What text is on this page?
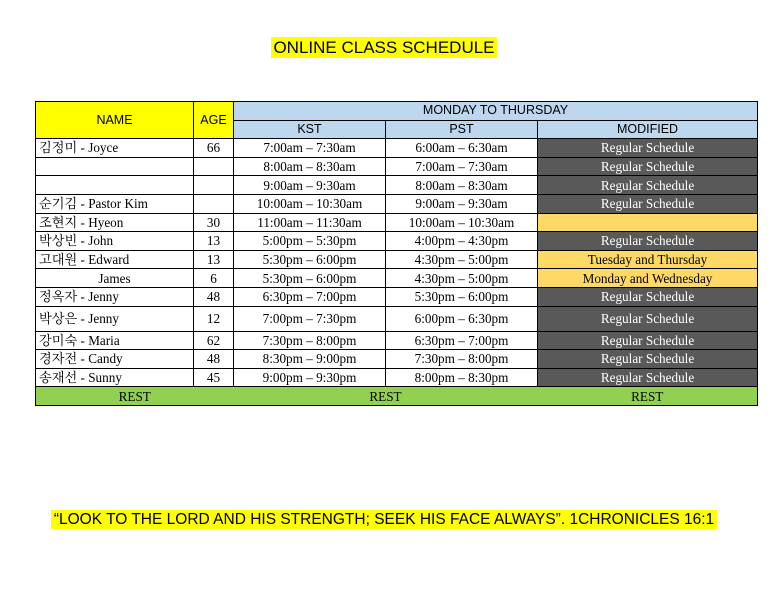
ONLINE CLASS SCHEDULE
NAME	AGE	MONDAY TO THURSDAY		
		KST	PST	MODIFIED
김정미 - Joyce	66	7:00am – 7:30am	6:00am – 6:30am	Regular Schedule
		8:00am – 8:30am	7:00am – 7:30am	Regular Schedule
		9:00am – 9:30am	8:00am – 8:30am	Regular Schedule
순기김 - Pastor Kim		10:00am – 10:30am	9:00am – 9:30am	Regular Schedule
조현지 - Hyeon	30	11:00am – 11:30am	10:00am – 10:30am	
박상빈 - John	13	5:00pm – 5:30pm	4:00pm – 4:30pm	Regular Schedule
고대원 - Edward	13	5:30pm – 6:00pm	4:30pm – 5:00pm	Tuesday and Thursday
James	6	5:30pm – 6:00pm	4:30pm – 5:00pm	Monday and Wednesday
정옥자 - Jenny	48	6:30pm – 7:00pm	5:30pm – 6:00pm	Regular Schedule
박상은 - Jenny	12	7:00pm – 7:30pm	6:00pm – 6:30pm	Regular Schedule
강미숙 - Maria	62	7:30pm – 8:00pm	6:30pm – 7:00pm	Regular Schedule
경자전 - Candy	48	8:30pm – 9:00pm	7:30pm – 8:00pm	Regular Schedule
송재선 - Sunny	45	9:00pm – 9:30pm	8:00pm – 8:30pm	Regular Schedule
REST		REST		REST
“LOOK TO THE LORD AND HIS STRENGTH; SEEK HIS FACE ALWAYS”. 1CHRONICLES 16:1
